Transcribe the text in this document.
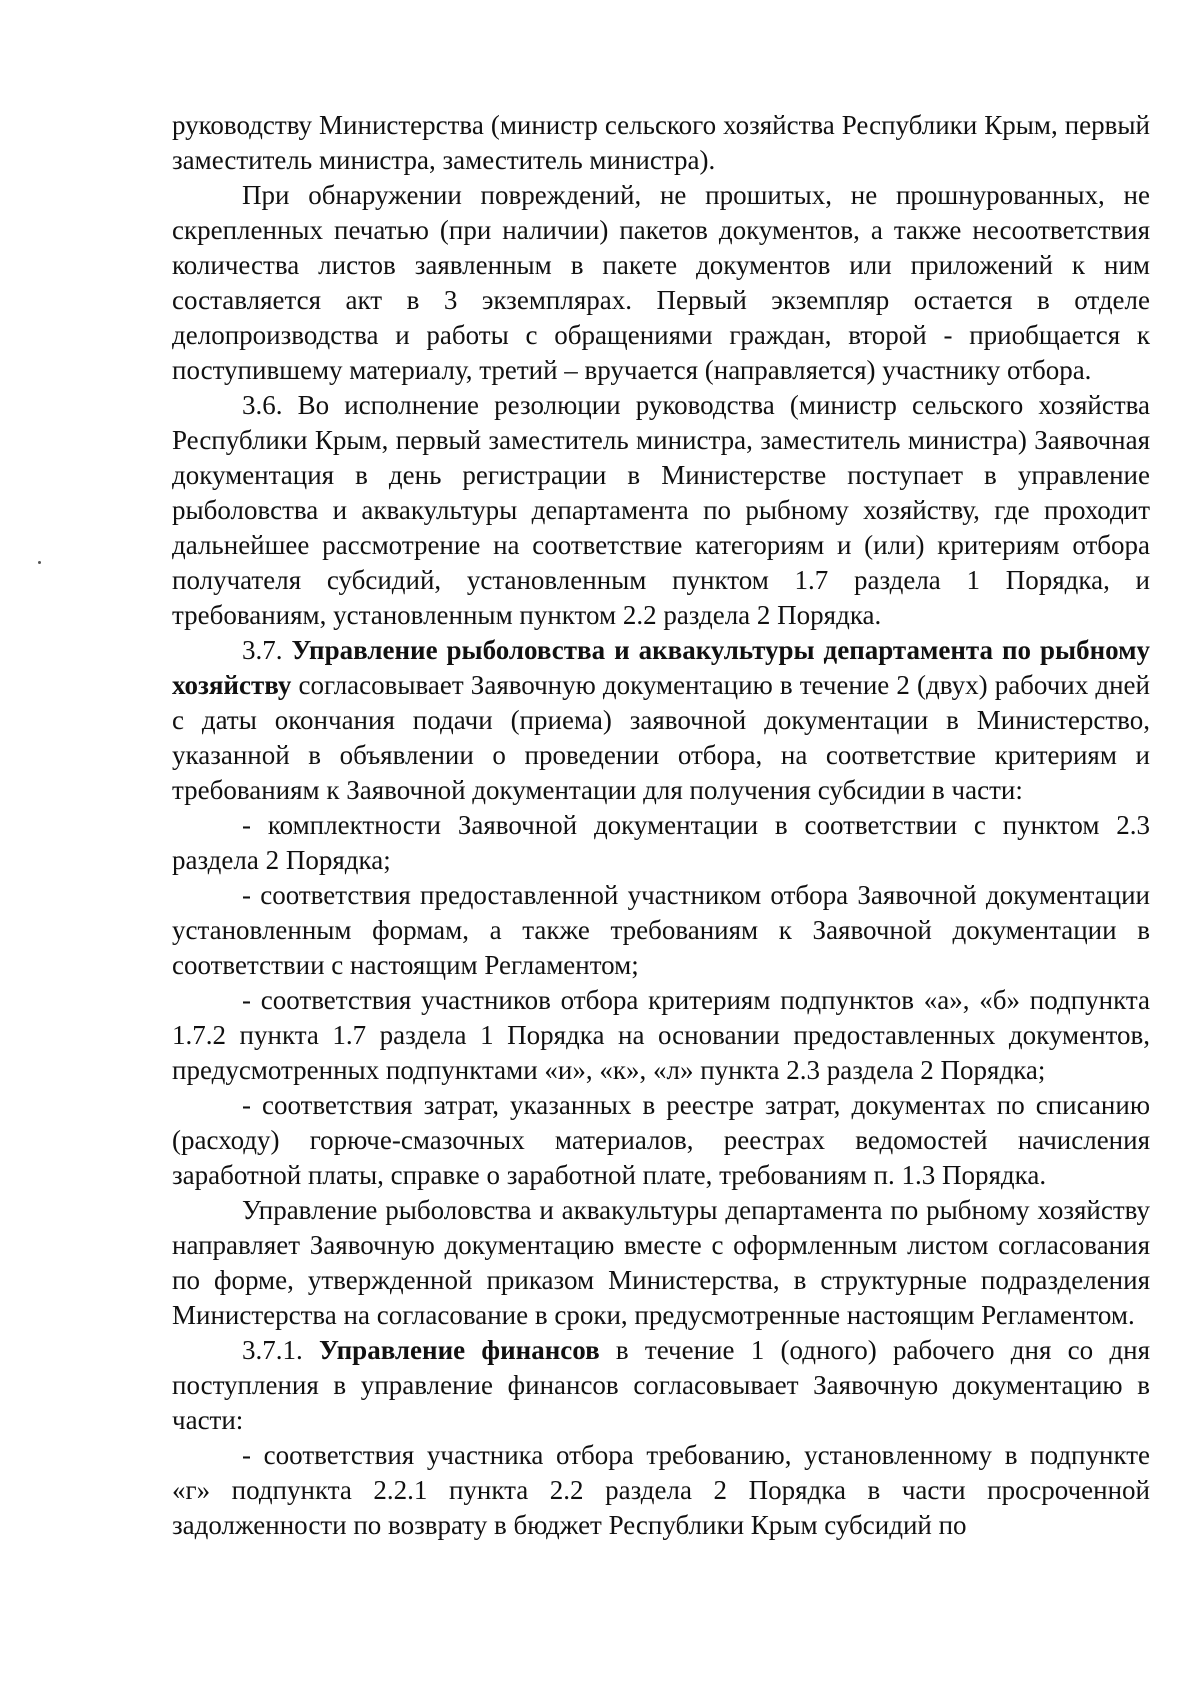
руководству Министерства (министр сельского хозяйства Республики Крым, первый заместитель министра, заместитель министра).

При обнаружении повреждений, не прошитых, не прошнурованных, не скрепленных печатью (при наличии) пакетов документов, а также несоответствия количества листов заявленным в пакете документов или приложений к ним составляется акт в 3 экземплярах. Первый экземпляр остается в отделе делопроизводства и работы с обращениями граждан, второй - приобщается к поступившему материалу, третий – вручается (направляется) участнику отбора.

3.6. Во исполнение резолюции руководства (министр сельского хозяйства Республики Крым, первый заместитель министра, заместитель министра) Заявочная документация в день регистрации в Министерстве поступает в управление рыболовства и аквакультуры департамента по рыбному хозяйству, где проходит дальнейшее рассмотрение на соответствие категориям и (или) критериям отбора получателя субсидий, установленным пунктом 1.7 раздела 1 Порядка, и требованиям, установленным пунктом 2.2 раздела 2 Порядка.

3.7. Управление рыболовства и аквакультуры департамента по рыбному хозяйству согласовывает Заявочную документацию в течение 2 (двух) рабочих дней с даты окончания подачи (приема) заявочной документации в Министерство, указанной в объявлении о проведении отбора, на соответствие критериям и требованиям к Заявочной документации для получения субсидии в части:

- комплектности Заявочной документации в соответствии с пунктом 2.3 раздела 2 Порядка;

- соответствия предоставленной участником отбора Заявочной документации установленным формам, а также требованиям к Заявочной документации в соответствии с настоящим Регламентом;

- соответствия участников отбора критериям подпунктов «а», «б» подпункта 1.7.2 пункта 1.7 раздела 1 Порядка на основании предоставленных документов, предусмотренных подпунктами «и», «к», «л» пункта 2.3 раздела 2 Порядка;

- соответствия затрат, указанных в реестре затрат, документах по списанию (расходу) горюче-смазочных материалов, реестрах ведомостей начисления заработной платы, справке о заработной плате, требованиям п. 1.3 Порядка.

Управление рыболовства и аквакультуры департамента по рыбному хозяйству направляет Заявочную документацию вместе с оформленным листом согласования по форме, утвержденной приказом Министерства, в структурные подразделения Министерства на согласование в сроки, предусмотренные настоящим Регламентом.

3.7.1. Управление финансов в течение 1 (одного) рабочего дня со дня поступления в управление финансов согласовывает Заявочную документацию в части:

- соответствия участника отбора требованию, установленному в подпункте «г» подпункта 2.2.1 пункта 2.2 раздела 2 Порядка в части просроченной задолженности по возврату в бюджет Республики Крым субсидий по
